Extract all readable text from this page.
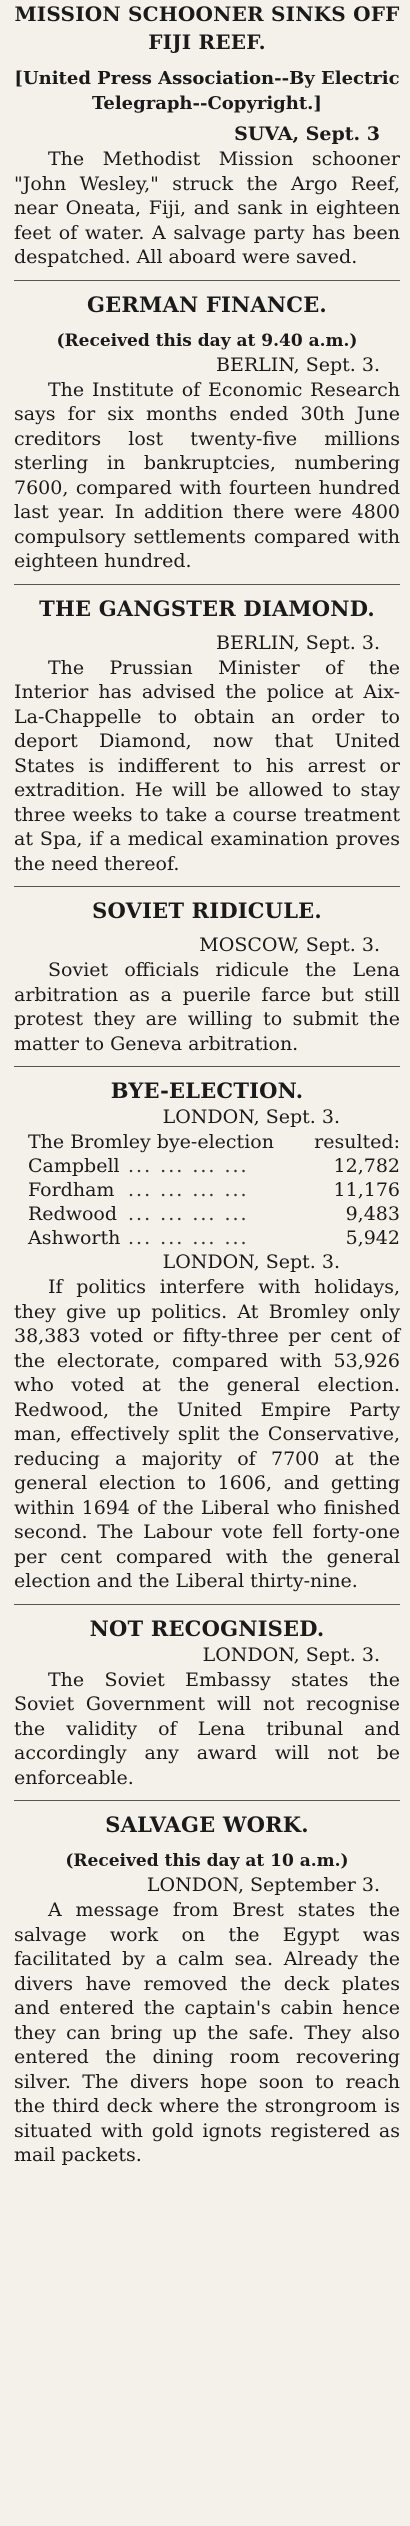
MISSION SCHOONER SINKS OFF FIJI REEF.
[United Press Association--By Electric Telegraph--Copyright.]
SUVA, Sept. 3

The Methodist Mission schooner "John Wesley," struck the Argo Reef, near Oneata, Fiji, and sank in eighteen feet of water. A salvage party has been despatched. All aboard were saved.

GERMAN FINANCE.
(Received this day at 9.40 a.m.)
BERLIN, Sept. 3.

The Institute of Economic Research says for six months ended 30th June creditors lost twenty-five millions sterling in bankruptcies, numbering 7600, compared with fourteen hundred last year. In addition there were 4800 compulsory settlements compared with eighteen hundred.

THE GANGSTER DIAMOND.
BERLIN, Sept. 3.

The Prussian Minister of the Interior has advised the police at Aix-La-Chappelle to obtain an order to deport Diamond, now that United States is indifferent to his arrest or extradition. He will be allowed to stay three weeks to take a course treatment at Spa, if a medical examination proves the need thereof.

SOVIET RIDICULE.
MOSCOW, Sept. 3.

Soviet officials ridicule the Lena arbitration as a puerile farce but still protest they are willing to submit the matter to Geneva arbitration.

BYE-ELECTION.
LONDON, Sept. 3.
The Bromley bye-election resulted:
Campbell ... ... ... ...	12,782
Fordham ... ... ... ...	11,176
Redwood ... ... ... ...	9,483
Ashworth ... ... ... ...	5,942
LONDON, Sept. 3.

If politics interfere with holidays, they give up politics. At Bromley only 38,383 voted or fifty-three per cent of the electorate, compared with 53,926 who voted at the general election. Redwood, the United Empire Party man, effectively split the Conservative, reducing a majority of 7700 at the general election to 1606, and getting within 1694 of the Liberal who finished second. The Labour vote fell forty-one per cent compared with the general election and the Liberal thirty-nine.

NOT RECOGNISED.
LONDON, Sept. 3.

The Soviet Embassy states the Soviet Government will not recognise the validity of Lena tribunal and accordingly any award will not be enforceable.

SALVAGE WORK.
(Received this day at 10 a.m.)
LONDON, September 3.

A message from Brest states the salvage work on the Egypt was facilitated by a calm sea. Already the divers have removed the deck plates and entered the captain's cabin hence they can bring up the safe. They also entered the dining room recovering silver. The divers hope soon to reach the third deck where the strongroom is situated with gold ignots registered as mail packets.
